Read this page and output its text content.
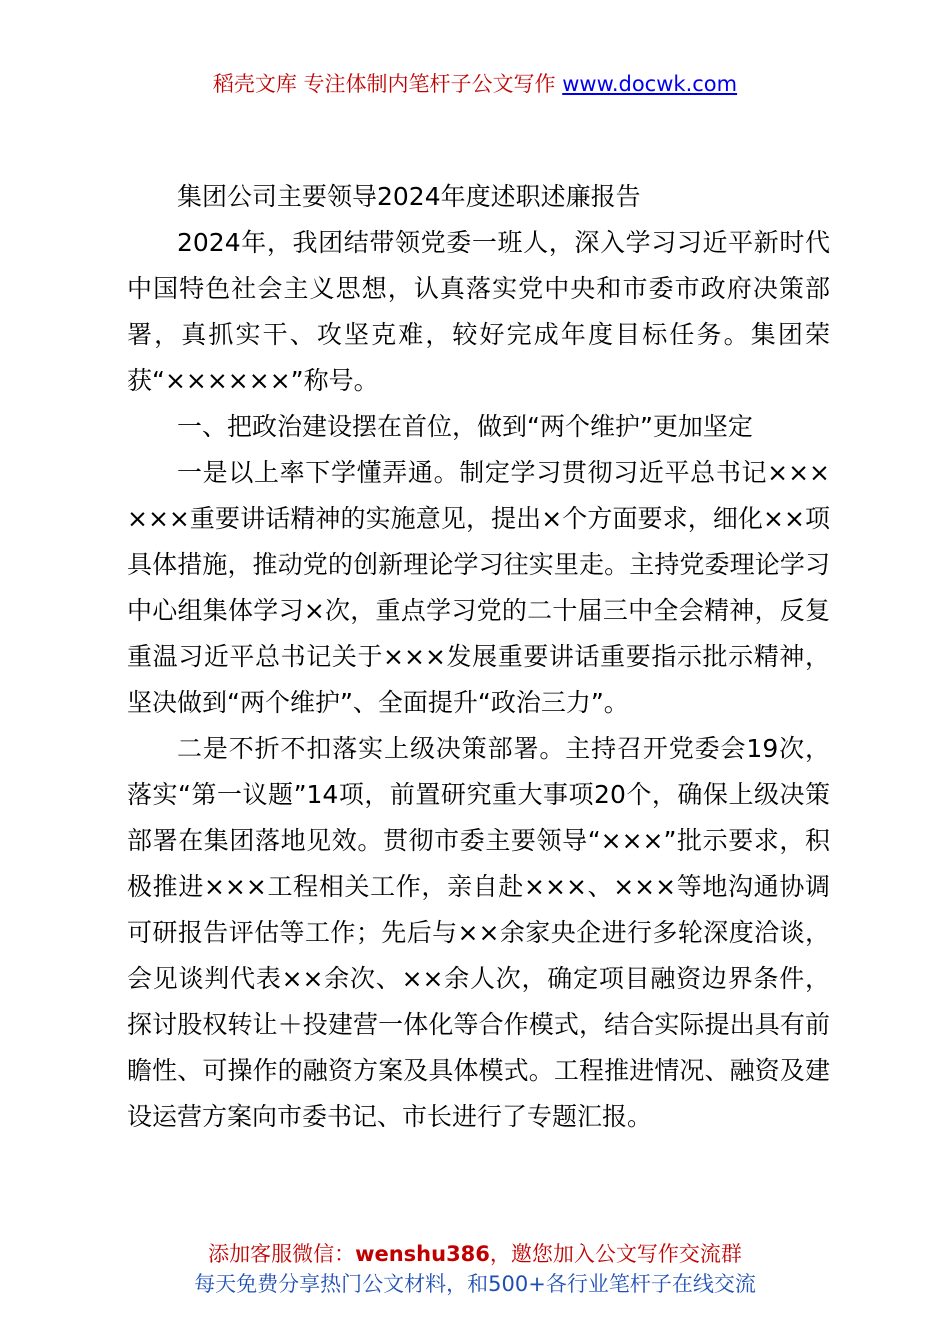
稻壳文库 专注体制内笔杆子公文写作 www.docwk.com

集团公司主要领导2024年度述职述廉报告

2024年，我团结带领党委一班人，深入学习习近平新时代中国特色社会主义思想，认真落实党中央和市委市政府决策部署，真抓实干、攻坚克难，较好完成年度目标任务。集团荣获“××××××”称号。

一、把政治建设摆在首位，做到“两个维护”更加坚定

一是以上率下学懂弄通。制定学习贯彻习近平总书记××××××重要讲话精神的实施意见，提出×个方面要求，细化××项具体措施，推动党的创新理论学习往实里走。主持党委理论学习中心组集体学习×次，重点学习党的二十届三中全会精神，反复重温习近平总书记关于×××发展重要讲话重要指示批示精神，坚决做到“两个维护”、全面提升“政治三力”。

二是不折不扣落实上级决策部署。主持召开党委会19次，落实“第一议题”14项，前置研究重大事项20个，确保上级决策部署在集团落地见效。贯彻市委主要领导“×××”批示要求，积极推进×××工程相关工作，亲自赴×××、×××等地沟通协调可研报告评估等工作；先后与××余家央企进行多轮深度洽谈，会见谈判代表××余次、××余人次，确定项目融资边界条件，探讨股权转让＋投建营一体化等合作模式，结合实际提出具有前瞻性、可操作的融资方案及具体模式。工程推进情况、融资及建设运营方案向市委书记、市长进行了专题汇报。

添加客服微信：wenshu386，邀您加入公文写作交流群
每天免费分享热门公文材料，和500+各行业笔杆子在线交流
